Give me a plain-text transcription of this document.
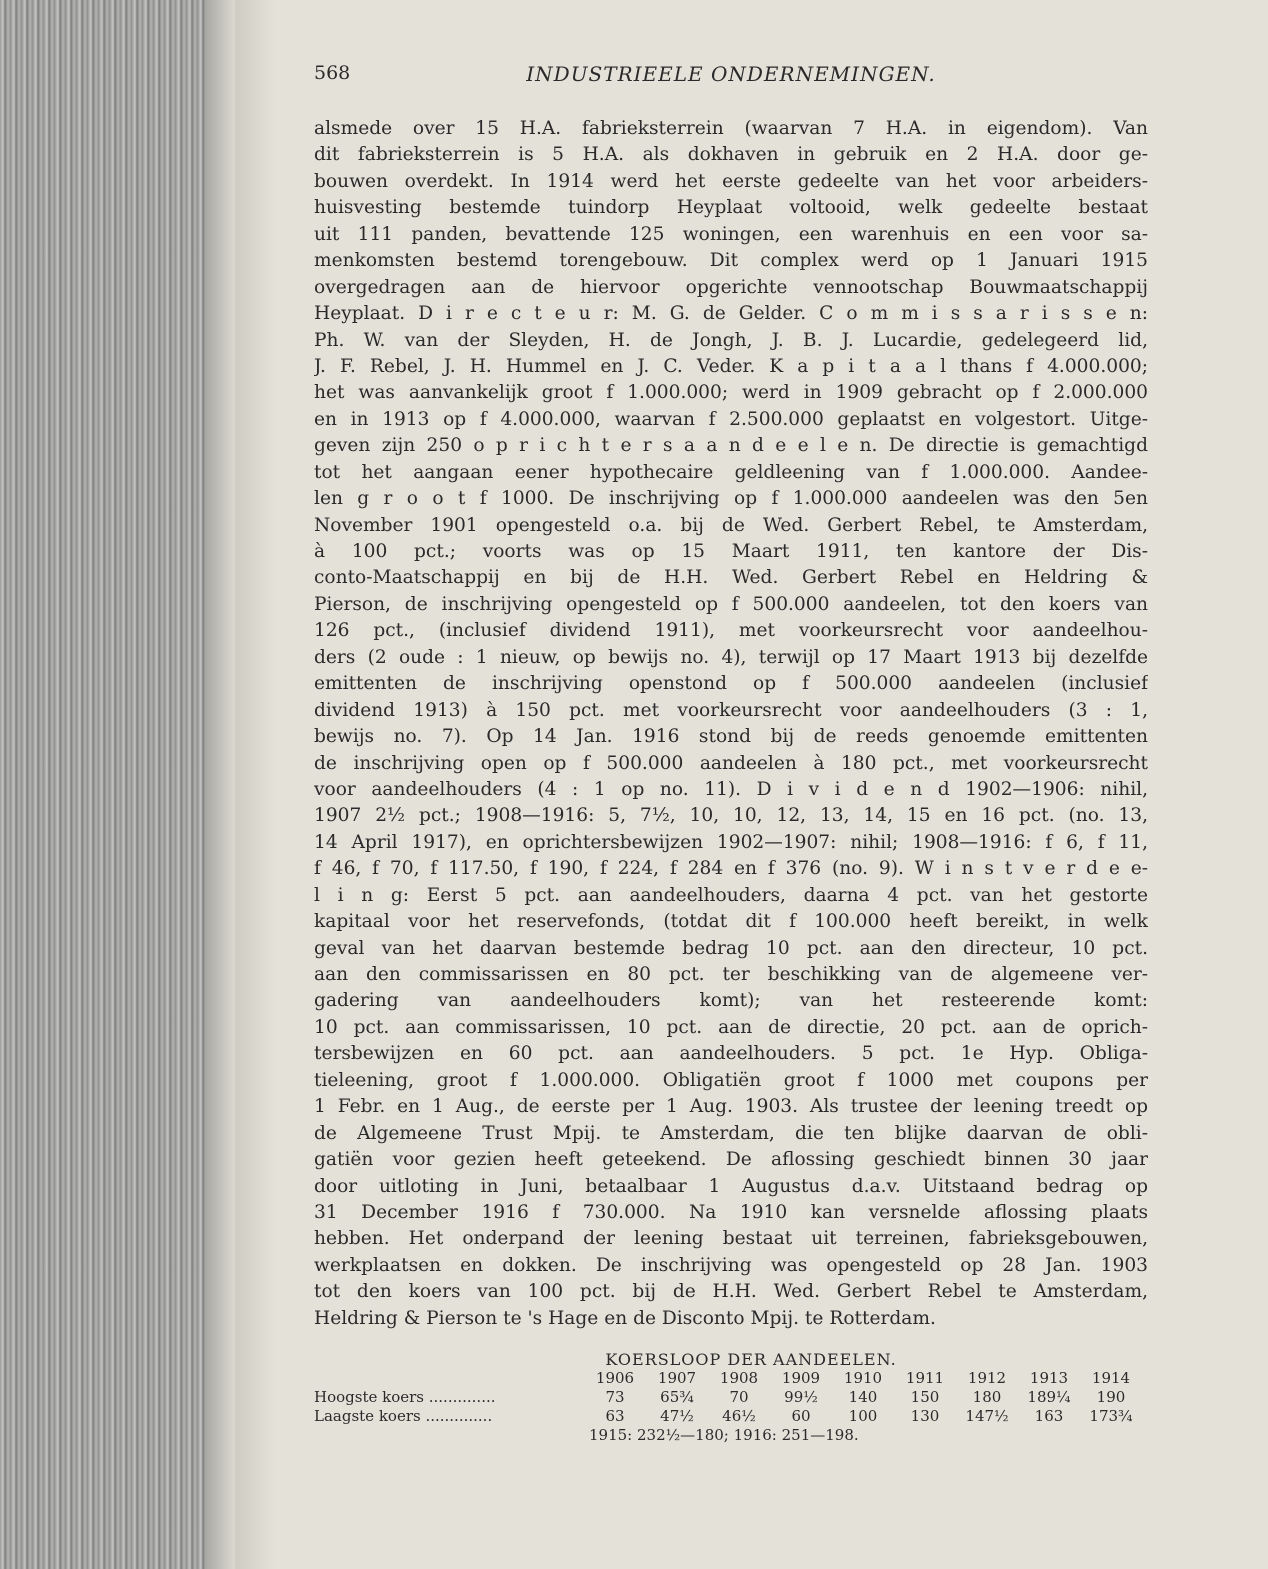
568	INDUSTRIEELE ONDERNEMINGEN.
alsmede over 15 H.A. fabrieksterrein (waarvan 7 H.A. in eigendom). Van
dit fabrieksterrein is 5 H.A. als dokhaven in gebruik en 2 H.A. door ge-
bouwen overdekt. In 1914 werd het eerste gedeelte van het voor arbeiders-
huisvesting bestemde tuindorp Heyplaat voltooid, welk gedeelte bestaat
uit 111 panden, bevattende 125 woningen, een warenhuis en een voor sa-
menkomsten bestemd torengebouw. Dit complex werd op 1 Januari 1915
overgedragen aan de hiervoor opgerichte vennootschap Bouwmaatschappij
Heyplaat. D i r e c t e u r: M. G. de Gelder. C o m m i s s a r i s s e n:
Ph. W. van der Sleyden, H. de Jongh, J. B. J. Lucardie, gedelegeerd lid,
J. F. Rebel, J. H. Hummel en J. C. Veder. K a p i t a a l thans f 4.000.000;
het was aanvankelijk groot f 1.000.000; werd in 1909 gebracht op f 2.000.000
en in 1913 op f 4.000.000, waarvan f 2.500.000 geplaatst en volgestort. Uitge-
geven zijn 250 o p r i c h t e r s a a n d e e l e n. De directie is gemachtigd
tot het aangaan eener hypothecaire geldleening van f 1.000.000. Aandee-
len g r o o t f 1000. De inschrijving op f 1.000.000 aandeelen was den 5en
November 1901 opengesteld o.a. bij de Wed. Gerbert Rebel, te Amsterdam,
à 100 pct.; voorts was op 15 Maart 1911, ten kantore der Dis-
conto-Maatschappij en bij de H.H. Wed. Gerbert Rebel en Heldring &
Pierson, de inschrijving opengesteld op f 500.000 aandeelen, tot den koers van
126 pct., (inclusief dividend 1911), met voorkeursrecht voor aandeelhou-
ders (2 oude : 1 nieuw, op bewijs no. 4), terwijl op 17 Maart 1913 bij dezelfde
emittenten de inschrijving openstond op f 500.000 aandeelen (inclusief
dividend 1913) à 150 pct. met voorkeursrecht voor aandeelhouders (3 : 1,
bewijs no. 7). Op 14 Jan. 1916 stond bij de reeds genoemde emittenten
de inschrijving open op f 500.000 aandeelen à 180 pct., met voorkeursrecht
voor aandeelhouders (4 : 1 op no. 11). D i v i d e n d 1902—1906: nihil,
1907 2½ pct.; 1908—1916: 5, 7½, 10, 10, 12, 13, 14, 15 en 16 pct. (no. 13,
14 April 1917), en oprichtersbewijzen 1902—1907: nihil; 1908—1916: f 6, f 11,
f 46, f 70, f 117.50, f 190, f 224, f 284 en f 376 (no. 9). W i n s t v e r d e e-
l i n g: Eerst 5 pct. aan aandeelhouders, daarna 4 pct. van het gestorte
kapitaal voor het reservefonds, (totdat dit f 100.000 heeft bereikt, in welk
geval van het daarvan bestemde bedrag 10 pct. aan den directeur, 10 pct.
aan den commissarissen en 80 pct. ter beschikking van de algemeene ver-
gadering van aandeelhouders komt); van het resteerende komt:
10 pct. aan commissarissen, 10 pct. aan de directie, 20 pct. aan de oprich-
tersbewijzen en 60 pct. aan aandeelhouders. 5 pct. 1e Hyp. Obliga-
tieleening, groot f 1.000.000. Obligatiën groot f 1000 met coupons per
1 Febr. en 1 Aug., de eerste per 1 Aug. 1903. Als trustee der leening treedt op
de Algemeene Trust Mpij. te Amsterdam, die ten blijke daarvan de obli-
gatiën voor gezien heeft geteekend. De aflossing geschiedt binnen 30 jaar
door uitloting in Juni, betaalbaar 1 Augustus d.a.v. Uitstaand bedrag op
31 December 1916 f 730.000. Na 1910 kan versnelde aflossing plaats
hebben. Het onderpand der leening bestaat uit terreinen, fabrieksgebouwen,
werkplaatsen en dokken. De inschrijving was opengesteld op 28 Jan. 1903
tot den koers van 100 pct. bij de H.H. Wed. Gerbert Rebel te Amsterdam,
Heldring & Pierson te 's Hage en de Disconto Mpij. te Rotterdam.
KOERSLOOP DER AANDEELEN.
1906	1907	1908	1909	1910	1911	1912	1913	1914
Hoogste koers ..............	73	65¾	70	99½	140	150	180	189¼	190
Laagste koers ..............	63	47½	46½	60	100	130	147½	163	173¾
1915: 232½—180; 1916: 251—198.
